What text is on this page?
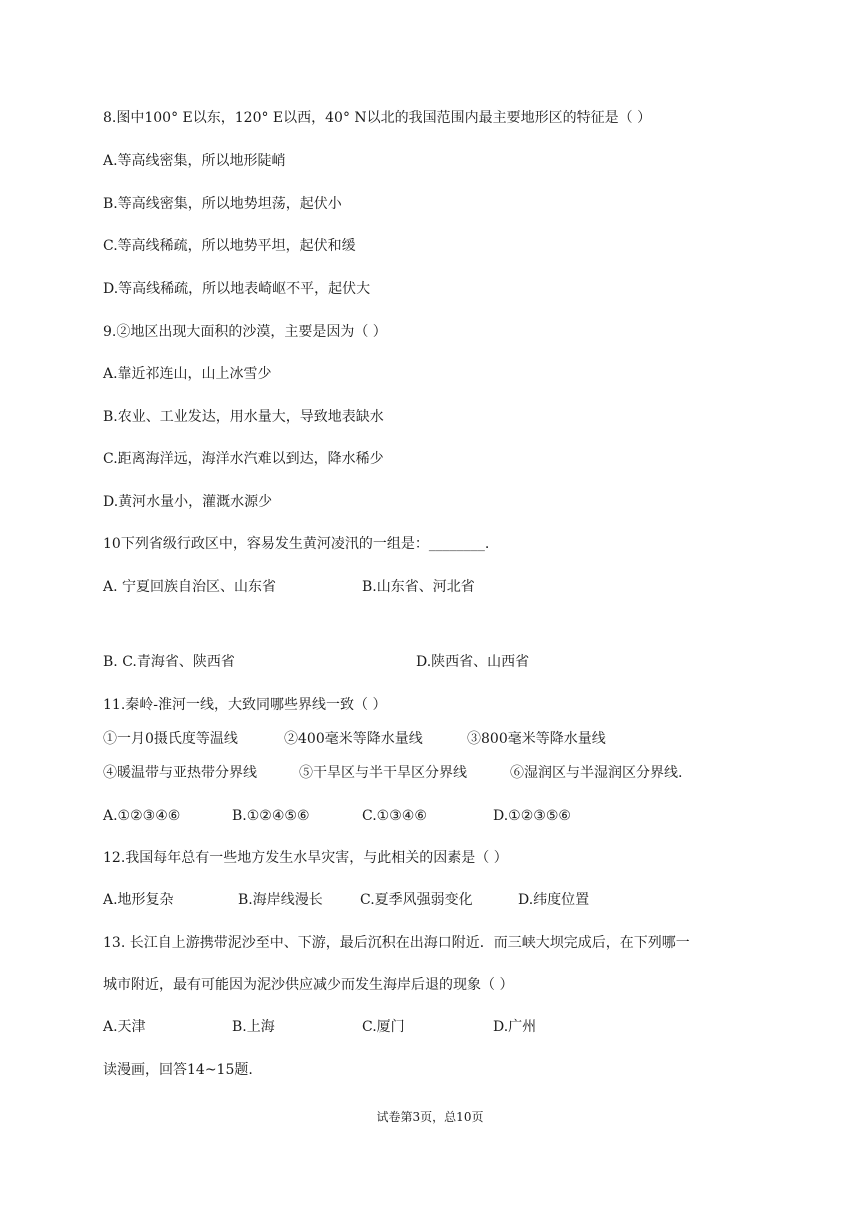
8.图中100° E以东，120° E以西，40° N以北的我国范围内最主要地形区的特征是（ ）
A.等高线密集，所以地形陡峭
B.等高线密集，所以地势坦荡，起伏小
C.等高线稀疏，所以地势平坦，起伏和缓
D.等高线稀疏，所以地表崎岖不平，起伏大
9.②地区出现大面积的沙漠，主要是因为（ ）
A.靠近祁连山，山上冰雪少
B.农业、工业发达，用水量大，导致地表缺水
C.距离海洋远，海洋水汽难以到达，降水稀少
D.黄河水量小，灌溉水源少
10下列省级行政区中，容易发生黄河凌汛的一组是：________.
A. 宁夏回族自治区、山东省	B.山东省、河北省
B. C.青海省、陕西省	D.陕西省、山西省
11.秦岭-淮河一线，大致同哪些界线一致（ ）
①一月0摄氏度等温线	②400毫米等降水量线	③800毫米等降水量线
④暖温带与亚热带分界线	⑤干旱区与半干旱区分界线	⑥湿润区与半湿润区分界线.
A.①②③④⑥	B.①②④⑤⑥	C.①③④⑥	D.①②③⑤⑥
12.我国每年总有一些地方发生水旱灾害，与此相关的因素是（ ）
A.地形复杂	B.海岸线漫长	C.夏季风强弱变化	D.纬度位置
13. 长江自上游携带泥沙至中、下游，最后沉积在出海口附近．而三峡大坝完成后，在下列哪一
城市附近，最有可能因为泥沙供应减少而发生海岸后退的现象（ ）
A.天津	B.上海	C.厦门	D.广州
读漫画，回答14~15题.
试卷第3页，总10页
